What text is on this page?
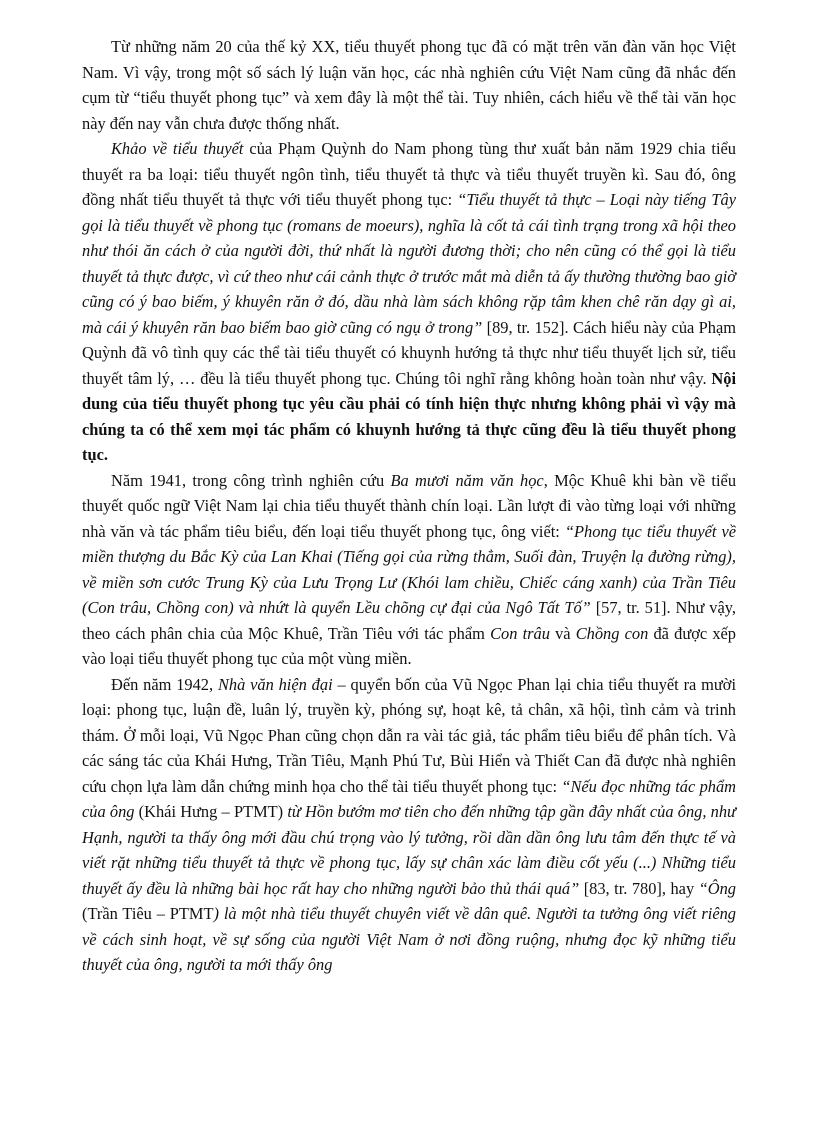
Từ những năm 20 của thế kỷ XX, tiểu thuyết phong tục đã có mặt trên văn đàn văn học Việt Nam. Vì vậy, trong một số sách lý luận văn học, các nhà nghiên cứu Việt Nam cũng đã nhắc đến cụm từ “tiểu thuyết phong tục” và xem đây là một thể tài. Tuy nhiên, cách hiểu về thể tài văn học này đến nay vẫn chưa được thống nhất.

Khảo về tiểu thuyết của Phạm Quỳnh do Nam phong tùng thư xuất bản năm 1929 chia tiểu thuyết ra ba loại: tiểu thuyết ngôn tình, tiểu thuyết tả thực và tiểu thuyết truyền kì. Sau đó, ông đồng nhất tiểu thuyết tả thực với tiểu thuyết phong tục: “Tiểu thuyết tả thực – Loại này tiếng Tây gọi là tiểu thuyết về phong tục (romans de moeurs), nghĩa là cốt tả cái tình trạng trong xã hội theo như thói ăn cách ở của người đời, thứ nhất là người đương thời; cho nên cũng có thể gọi là tiểu thuyết tả thực được, vì cứ theo như cái cảnh thực ở trước mắt mà diễn tả ấy thường thường bao giờ cũng có ý bao biếm, ý khuyên răn ở đó, dầu nhà làm sách không rặp tâm khen chê răn dạy gì ai, mà cái ý khuyên răn bao biếm bao giờ cũng có ngụ ở trong” [89, tr. 152]. Cách hiểu này của Phạm Quỳnh đã vô tình quy các thể tài tiểu thuyết có khuynh hướng tả thực như tiểu thuyết lịch sử, tiểu thuyết tâm lý, … đều là tiểu thuyết phong tục. Chúng tôi nghĩ rằng không hoàn toàn như vậy. Nội dung của tiểu thuyết phong tục yêu cầu phải có tính hiện thực nhưng không phải vì vậy mà chúng ta có thể xem mọi tác phẩm có khuynh hướng tả thực cũng đều là tiểu thuyết phong tục.

Năm 1941, trong công trình nghiên cứu Ba mươi năm văn học, Mộc Khuê khi bàn về tiểu thuyết quốc ngữ Việt Nam lại chia tiểu thuyết thành chín loại. Lần lượt đi vào từng loại với những nhà văn và tác phẩm tiêu biểu, đến loại tiểu thuyết phong tục, ông viết: “Phong tục tiểu thuyết về miền thượng du Bắc Kỳ của Lan Khai (Tiếng gọi của rừng thẳm, Suối đàn, Truyện lạ đường rừng), về miền sơn cước Trung Kỳ của Lưu Trọng Lư (Khói lam chiều, Chiếc cáng xanh) của Trần Tiêu (Con trâu, Chồng con) và nhứt là quyển Lều chõng cự đại của Ngô Tất Tố” [57, tr. 51]. Như vậy, theo cách phân chia của Mộc Khuê, Trần Tiêu với tác phẩm Con trâu và Chồng con đã được xếp vào loại tiểu thuyết phong tục của một vùng miền.

Đến năm 1942, Nhà văn hiện đại – quyển bốn của Vũ Ngọc Phan lại chia tiểu thuyết ra mười loại: phong tục, luận đề, luân lý, truyền kỳ, phóng sự, hoạt kê, tả chân, xã hội, tình cảm và trinh thám. Ở mỗi loại, Vũ Ngọc Phan cũng chọn dẫn ra vài tác giả, tác phẩm tiêu biểu để phân tích. Và các sáng tác của Khái Hưng, Trần Tiêu, Mạnh Phú Tư, Bùi Hiển và Thiết Can đã được nhà nghiên cứu chọn lựa làm dẫn chứng minh họa cho thể tài tiểu thuyết phong tục: “Nếu đọc những tác phẩm của ông (Khái Hưng – PTMT) từ Hồn bướm mơ tiên cho đến những tập gần đây nhất của ông, như Hạnh, người ta thấy ông mới đầu chú trọng vào lý tưởng, rồi dần dần ông lưu tâm đến thực tế và viết rặt những tiểu thuyết tả thực về phong tục, lấy sự chân xác làm điều cốt yếu (...) Những tiểu thuyết ấy đều là những bài học rất hay cho những người bảo thủ thái quá” [83, tr. 780], hay “Ông (Trần Tiêu – PTMT) là một nhà tiểu thuyết chuyên viết về dân quê. Người ta tưởng ông viết riêng về cách sinh hoạt, về sự sống của người Việt Nam ở nơi đồng ruộng, nhưng đọc kỹ những tiểu thuyết của ông, người ta mới thấy ông
